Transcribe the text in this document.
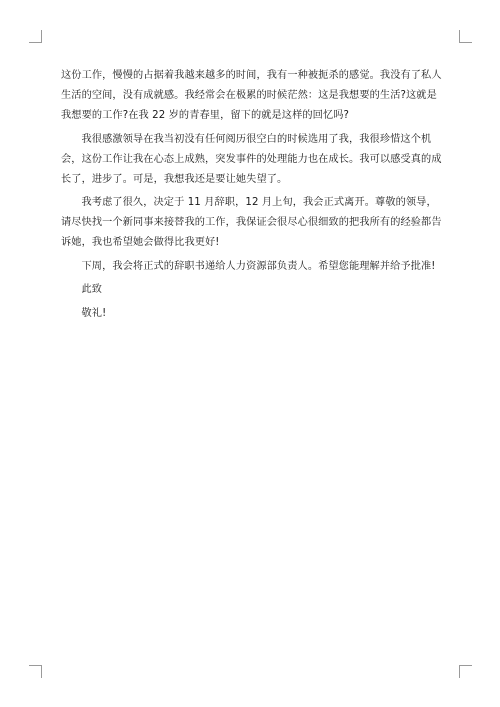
这份工作，慢慢的占据着我越来越多的时间，我有一种被扼杀的感觉。我没有了私人生活的空间，没有成就感。我经常会在极累的时候茫然：这是我想要的生活?这就是我想要的工作?在我 22 岁的青春里，留下的就是这样的回忆吗?

我很感激领导在我当初没有任何阅历很空白的时候选用了我，我很珍惜这个机会，这份工作让我在心态上成熟，突发事件的处理能力也在成长。我可以感受真的成长了，进步了。可是，我想我还是要让她失望了。

我考虑了很久，决定于 11 月辞职，12 月上旬，我会正式离开。尊敬的领导，请尽快找一个新同事来接替我的工作，我保证会很尽心很细致的把我所有的经验都告诉她，我也希望她会做得比我更好!

下周，我会将正式的辞职书递给人力资源部负责人。希望您能理解并给予批准!

此致

敬礼!
